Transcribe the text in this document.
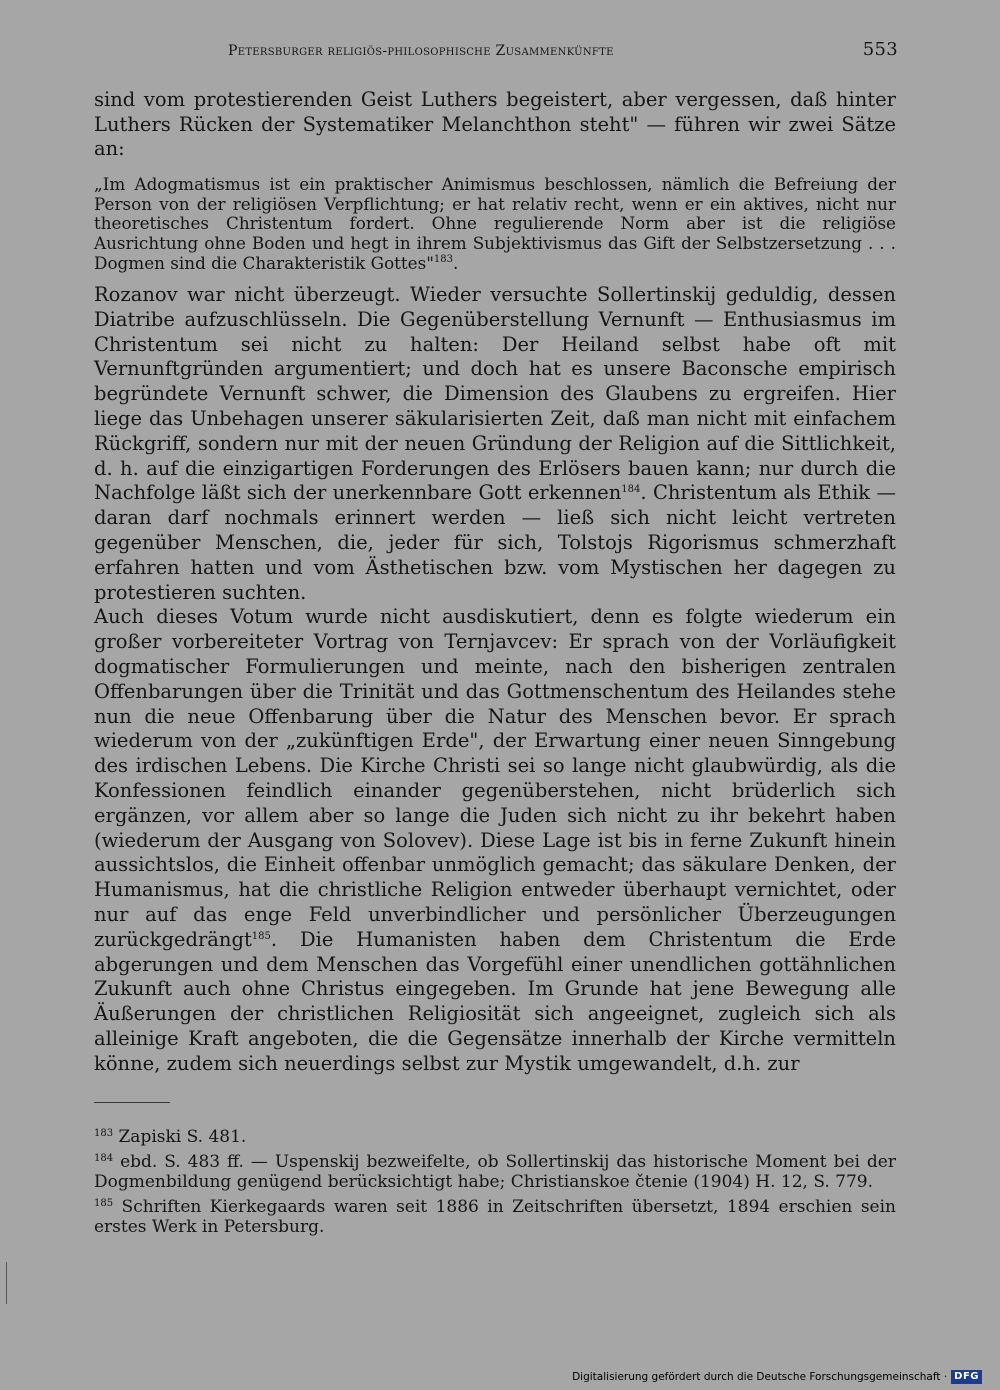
Petersburger religiös-philosophische Zusammenkünfte	553

sind vom protestierenden Geist Luthers begeistert, aber vergessen, daß hinter Luthers Rücken der Systematiker Melanchthon steht" — führen wir zwei Sätze an:

„Im Adogmatismus ist ein praktischer Animismus beschlossen, nämlich die Befreiung der Person von der religiösen Verpflichtung; er hat relativ recht, wenn er ein aktives, nicht nur theoretisches Christentum fordert. Ohne regulierende Norm aber ist die religiöse Ausrichtung ohne Boden und hegt in ihrem Subjektivismus das Gift der Selbstzersetzung . . . Dogmen sind die Charakteristik Gottes"$^{183}$.

Rozanov war nicht überzeugt. Wieder versuchte Sollertinskij geduldig, dessen Diatribe aufzuschlüsseln. Die Gegenüberstellung Vernunft — Enthusiasmus im Christentum sei nicht zu halten: Der Heiland selbst habe oft mit Vernunftgründen argumentiert; und doch hat es unsere Baconsche empirisch begründete Vernunft schwer, die Dimension des Glaubens zu ergreifen. Hier liege das Unbehagen unserer säkularisierten Zeit, daß man nicht mit einfachem Rückgriff, sondern nur mit der neuen Gründung der Religion auf die Sittlichkeit, d. h. auf die einzigartigen Forderungen des Erlösers bauen kann; nur durch die Nachfolge läßt sich der unerkennbare Gott erkennen$^{184}$. Christentum als Ethik — daran darf nochmals erinnert werden — ließ sich nicht leicht vertreten gegenüber Menschen, die, jeder für sich, Tolstojs Rigorismus schmerzhaft erfahren hatten und vom Ästhetischen bzw. vom Mystischen her dagegen zu protestieren suchten.

Auch dieses Votum wurde nicht ausdiskutiert, denn es folgte wiederum ein großer vorbereiteter Vortrag von Ternjavcev: Er sprach von der Vorläufigkeit dogmatischer Formulierungen und meinte, nach den bisherigen zentralen Offenbarungen über die Trinität und das Gottmenschentum des Heilandes stehe nun die neue Offenbarung über die Natur des Menschen bevor. Er sprach wiederum von der „zukünftigen Erde", der Erwartung einer neuen Sinngebung des irdischen Lebens. Die Kirche Christi sei so lange nicht glaubwürdig, als die Konfessionen feindlich einander gegenüberstehen, nicht brüderlich sich ergänzen, vor allem aber so lange die Juden sich nicht zu ihr bekehrt haben (wiederum der Ausgang von Solovev). Diese Lage ist bis in ferne Zukunft hinein aussichtslos, die Einheit offenbar unmöglich gemacht; das säkulare Denken, der Humanismus, hat die christliche Religion entweder überhaupt vernichtet, oder nur auf das enge Feld unverbindlicher und persönlicher Überzeugungen zurückgedrängt$^{185}$. Die Humanisten haben dem Christentum die Erde abgerungen und dem Menschen das Vorgefühl einer unendlichen gottähnlichen Zukunft auch ohne Christus eingegeben. Im Grunde hat jene Bewegung alle Äußerungen der christlichen Religiosität sich angeeignet, zugleich sich als alleinige Kraft angeboten, die die Gegensätze innerhalb der Kirche vermitteln könne, zudem sich neuerdings selbst zur Mystik umgewandelt, d.h. zur

$^{183}$ Zapiski S. 481.

$^{184}$ ebd. S. 483 ff. — Uspenskij bezweifelte, ob Sollertinskij das historische Moment bei der Dogmenbildung genügend berücksichtigt habe; Christianskoe čtenie (1904) H. 12, S. 779.

$^{185}$ Schriften Kierkegaards waren seit 1886 in Zeitschriften übersetzt, 1894 erschien sein erstes Werk in Petersburg.

Digitalisierung gefördert durch die Deutsche Forschungsgemeinschaft · DFG
